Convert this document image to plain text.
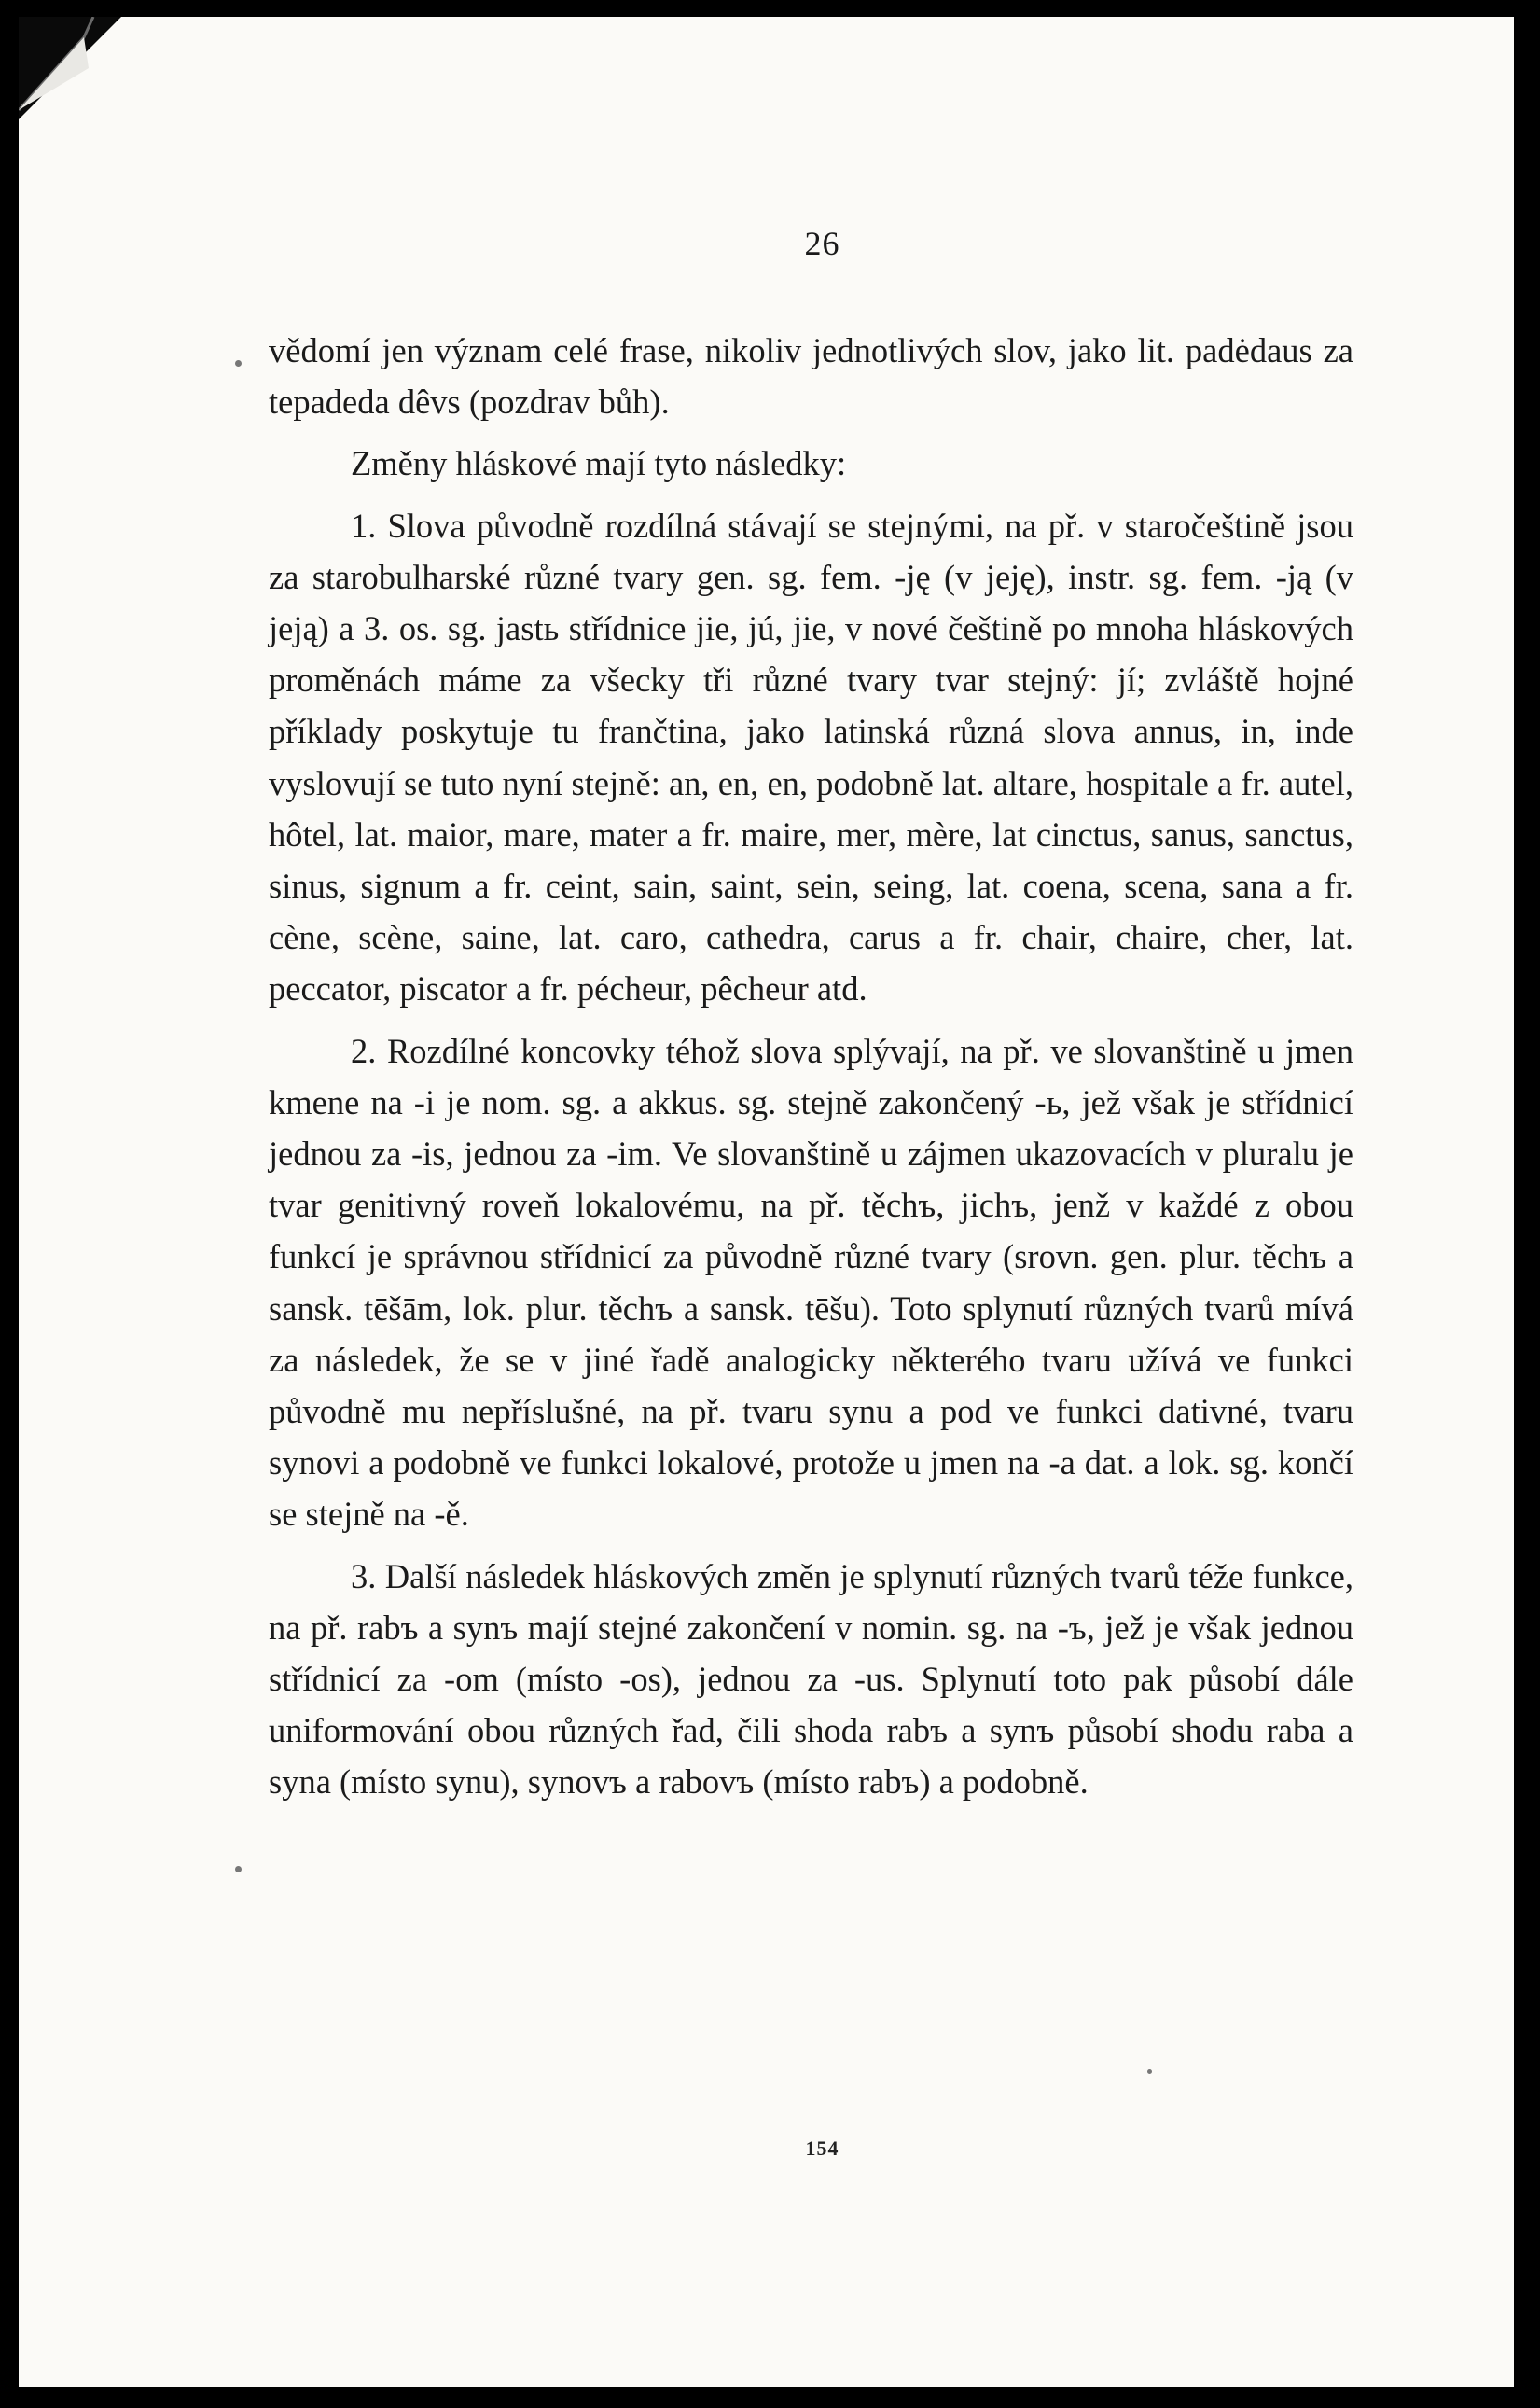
26

vědomí jen význam celé frase, nikoliv jednotlivých slov, jako lit. padėdaus za tepadeda dêvs (pozdrav bůh).

Změny hláskové mají tyto následky:

1. Slova původně rozdílná stávají se stejnými, na př. v staročeštině jsou za starobulharské různé tvary gen. sg. fem. -ję (v jeję), instr. sg. fem. -ją (v jeją) a 3. os. sg. jastь střídnice jie, jú, jie, v nové češtině po mnoha hláskových proměnách máme za všecky tři různé tvary tvar stejný: jí; zvláště hojné příklady poskytuje tu frančtina, jako latinská různá slova annus, in, inde vyslovují se tuto nyní stejně: an, en, en, podobně lat. altare, hospitale a fr. autel, hôtel, lat. maior, mare, mater a fr. maire, mer, mère, lat cinctus, sanus, sanctus, sinus, signum a fr. ceint, sain, saint, sein, seing, lat. coena, scena, sana a fr. cène, scène, saine, lat. caro, cathedra, carus a fr. chair, chaire, cher, lat. peccator, piscator a fr. pécheur, pêcheur atd.

2. Rozdílné koncovky téhož slova splývají, na př. ve slovanštině u jmen kmene na -i je nom. sg. a akkus. sg. stejně zakončený -ь, jež však je střídnicí jednou za -is, jednou za -im. Ve slovanštině u zájmen ukazovacích v pluralu je tvar genitivný roveň lokalovému, na př. těchъ, jichъ, jenž v každé z obou funkcí je správnou střídnicí za původně různé tvary (srovn. gen. plur. těchъ a sansk. tēšām, lok. plur. těchъ a sansk. tēšu). Toto splynutí různých tvarů mívá za následek, že se v jiné řadě analogicky některého tvaru užívá ve funkci původně mu nepříslušné, na př. tvaru synu a pod ve funkci dativné, tvaru synovi a podobně ve funkci lokalové, protože u jmen na -a dat. a lok. sg. končí se stejně na -ě.

3. Další následek hláskových změn je splynutí různých tvarů téže funkce, na př. rabъ a synъ mají stejné zakončení v nomin. sg. na -ъ, jež je však jednou střídnicí za -om (místo -os), jednou za -us. Splynutí toto pak působí dále uniformování obou různých řad, čili shoda rabъ a synъ působí shodu raba a syna (místo synu), synovъ a rabovъ (místo rabъ) a podobně.

154
